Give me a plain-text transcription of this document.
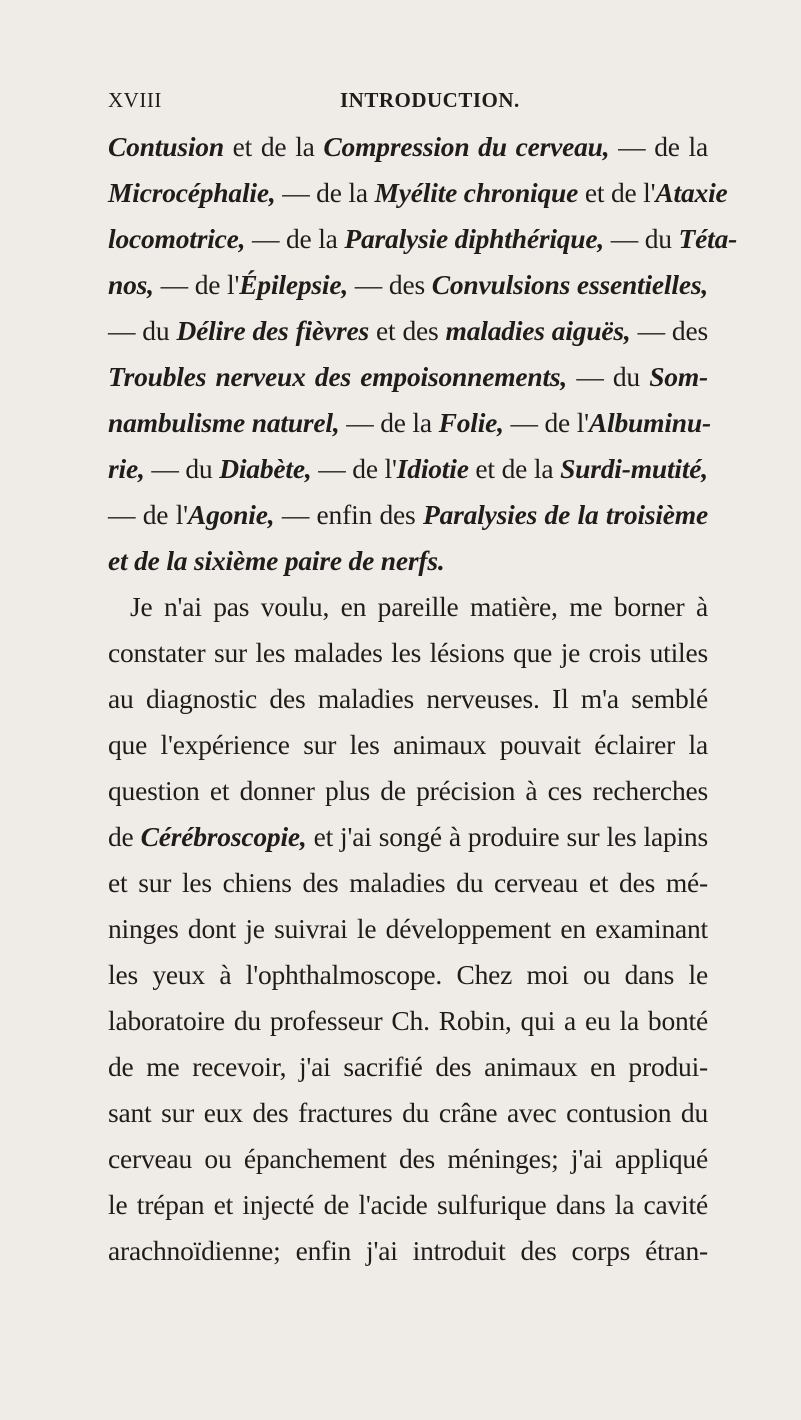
XVIII	INTRODUCTION.
Contusion et de la Compression du cerveau, — de la
Microcéphalie, — de la Myélite chronique et de l'Ataxie
locomotrice, — de la Paralysie diphthérique, — du Téta-
nos, — de l'Épilepsie, — des Convulsions essentielles,
— du Délire des fièvres et des maladies aiguës, — des
Troubles nerveux des empoisonnements, — du Som-
nambulisme naturel, — de la Folie, — de l'Albuminu-
rie, — du Diabète, — de l'Idiotie et de la Surdi-mutité,
— de l'Agonie, — enfin des Paralysies de la troisième
et de la sixième paire de nerfs.
Je n'ai pas voulu, en pareille matière, me borner à
constater sur les malades les lésions que je crois utiles
au diagnostic des maladies nerveuses. Il m'a semblé
que l'expérience sur les animaux pouvait éclairer la
question et donner plus de précision à ces recherches
de Cérébroscopie, et j'ai songé à produire sur les lapins
et sur les chiens des maladies du cerveau et des mé-
ninges dont je suivrai le développement en examinant
les yeux à l'ophthalmoscope. Chez moi ou dans le
laboratoire du professeur Ch. Robin, qui a eu la bonté
de me recevoir, j'ai sacrifié des animaux en produi-
sant sur eux des fractures du crâne avec contusion du
cerveau ou épanchement des méninges; j'ai appliqué
le trépan et injecté de l'acide sulfurique dans la cavité
arachnoïdienne; enfin j'ai introduit des corps étran-
